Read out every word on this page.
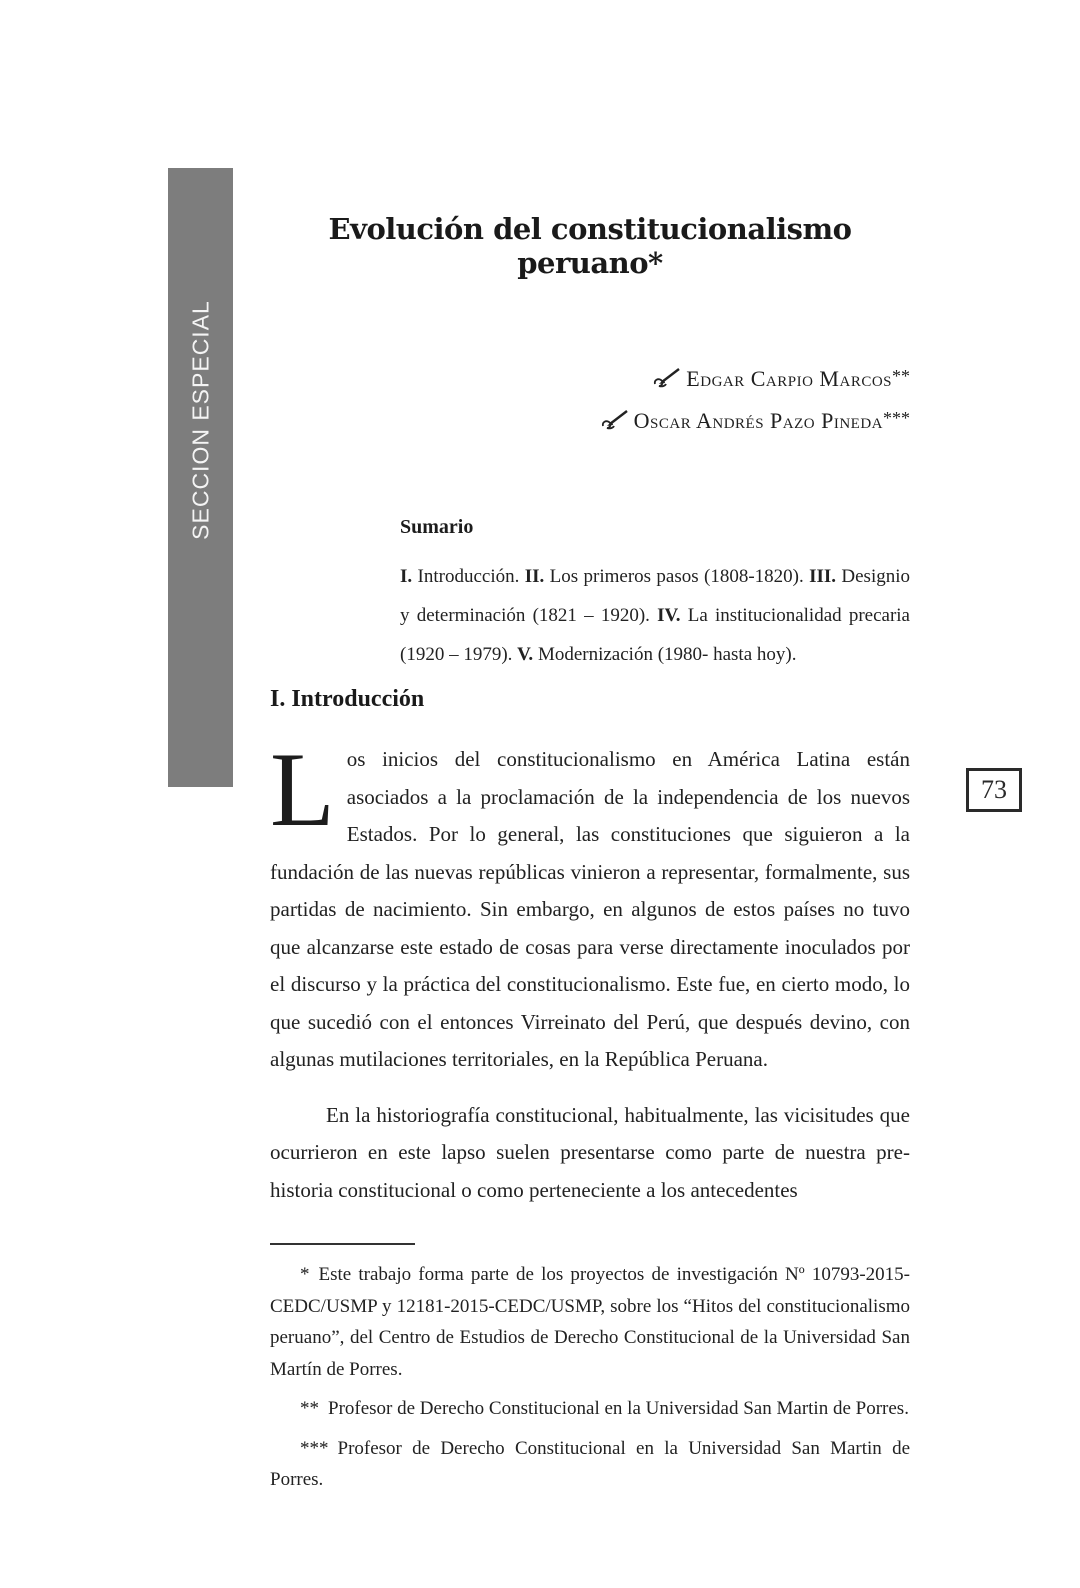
SECCION ESPECIAL
73
Evolución del constitucionalismo peruano*
Edgar Carpio Marcos**
Oscar Andrés Pazo Pineda***
Sumario

I. Introducción. II. Los primeros pasos (1808-1820). III. Designio y determinación (1821 – 1920). IV. La institucionalidad precaria (1920 – 1979). V. Modernización (1980- hasta hoy).

I. Introducción

Los inicios del constitucionalismo en América Latina están asociados a la proclamación de la independencia de los nuevos Estados. Por lo general, las constituciones que siguieron a la fundación de las nuevas repúblicas vinieron a representar, formalmente, sus partidas de nacimiento. Sin embargo, en algunos de estos países no tuvo que alcanzarse este estado de cosas para verse directamente inoculados por el discurso y la práctica del constitucionalismo. Este fue, en cierto modo, lo que sucedió con el entonces Virreinato del Perú, que después devino, con algunas mutilaciones territoriales, en la República Peruana.

En la historiografía constitucional, habitualmente, las vicisitudes que ocurrieron en este lapso suelen presentarse como parte de nuestra pre-historia constitucional o como perteneciente a los antecedentes

* Este trabajo forma parte de los proyectos de investigación Nº 10793-2015-CEDC/USMP y 12181-2015-CEDC/USMP, sobre los “Hitos del constitucionalismo peruano”, del Centro de Estudios de Derecho Constitucional de la Universidad San Martín de Porres.

** Profesor de Derecho Constitucional en la Universidad San Martin de Porres.

*** Profesor de Derecho Constitucional en la Universidad San Martin de Porres.
